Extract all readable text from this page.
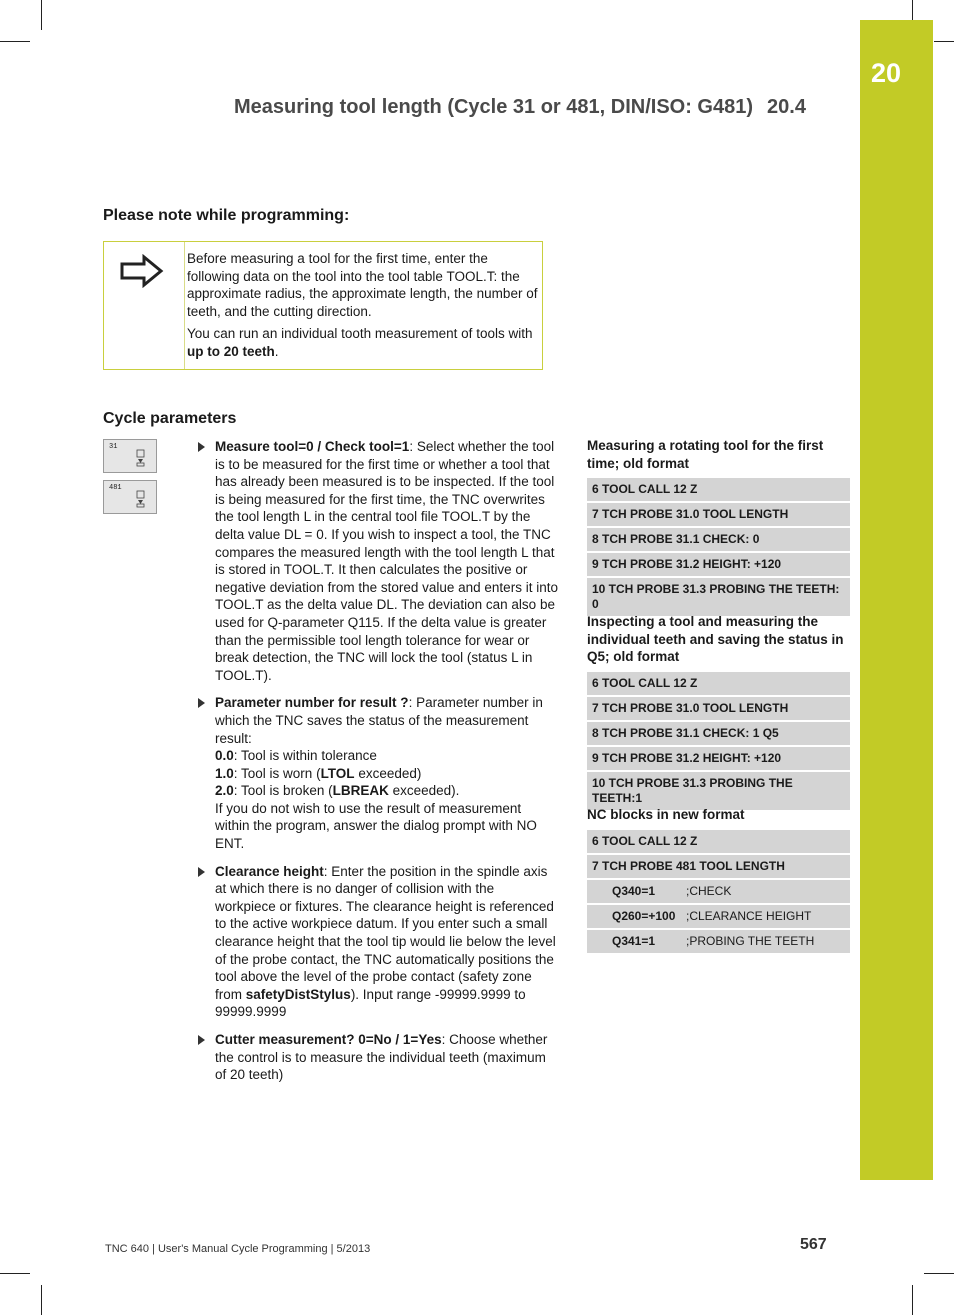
20
Measuring tool length (Cycle 31 or 481, DIN/ISO: G481) 20.4
Please note while programming:

Before measuring a tool for the first time, enter the following data on the tool into the tool table TOOL.T: the approximate radius, the approximate length, the number of teeth, and the cutting direction.

You can run an individual tooth measurement of tools with up to 20 teeth.

Cycle parameters
31
481
Measure tool=0 / Check tool=1: Select whether the tool is to be measured for the first time or whether a tool that has already been measured is to be inspected. If the tool is being measured for the first time, the TNC overwrites the tool length L in the central tool file TOOL.T by the delta value DL = 0. If you wish to inspect a tool, the TNC compares the measured length with the tool length L that is stored in TOOL.T. It then calculates the positive or negative deviation from the stored value and enters it into TOOL.T as the delta value DL. The deviation can also be used for Q-parameter Q115. If the delta value is greater than the permissible tool length tolerance for wear or break detection, the TNC will lock the tool (status L in TOOL.T).
Parameter number for result ?: Parameter number in which the TNC saves the status of the measurement result:
0.0: Tool is within tolerance
1.0: Tool is worn (LTOL exceeded)
2.0: Tool is broken (LBREAK exceeded).
If you do not wish to use the result of measurement within the program, answer the dialog prompt with NO ENT.
Clearance height: Enter the position in the spindle axis at which there is no danger of collision with the workpiece or fixtures. The clearance height is referenced to the active workpiece datum. If you enter such a small clearance height that the tool tip would lie below the level of the probe contact, the TNC automatically positions the tool above the level of the probe contact (safety zone from safetyDistStylus). Input range -99999.9999 to 99999.9999
Cutter measurement? 0=No / 1=Yes: Choose whether the control is to measure the individual teeth (maximum of 20 teeth)
Measuring a rotating tool for the first time; old format
6 TOOL CALL 12 Z
7 TCH PROBE 31.0 TOOL LENGTH
8 TCH PROBE 31.1 CHECK: 0
9 TCH PROBE 31.2 HEIGHT: +120
10 TCH PROBE 31.3 PROBING THE TEETH: 0
Inspecting a tool and measuring the individual teeth and saving the status in Q5; old format
6 TOOL CALL 12 Z
7 TCH PROBE 31.0 TOOL LENGTH
8 TCH PROBE 31.1 CHECK: 1 Q5
9 TCH PROBE 31.2 HEIGHT: +120
10 TCH PROBE 31.3 PROBING THE TEETH:1
NC blocks in new format
6 TOOL CALL 12 Z
7 TCH PROBE 481 TOOL LENGTH
Q340=1	;CHECK
Q260=+100 ;CLEARANCE HEIGHT
Q341=1	;PROBING THE TEETH
TNC 640 | User's Manual Cycle Programming | 5/2013	567
